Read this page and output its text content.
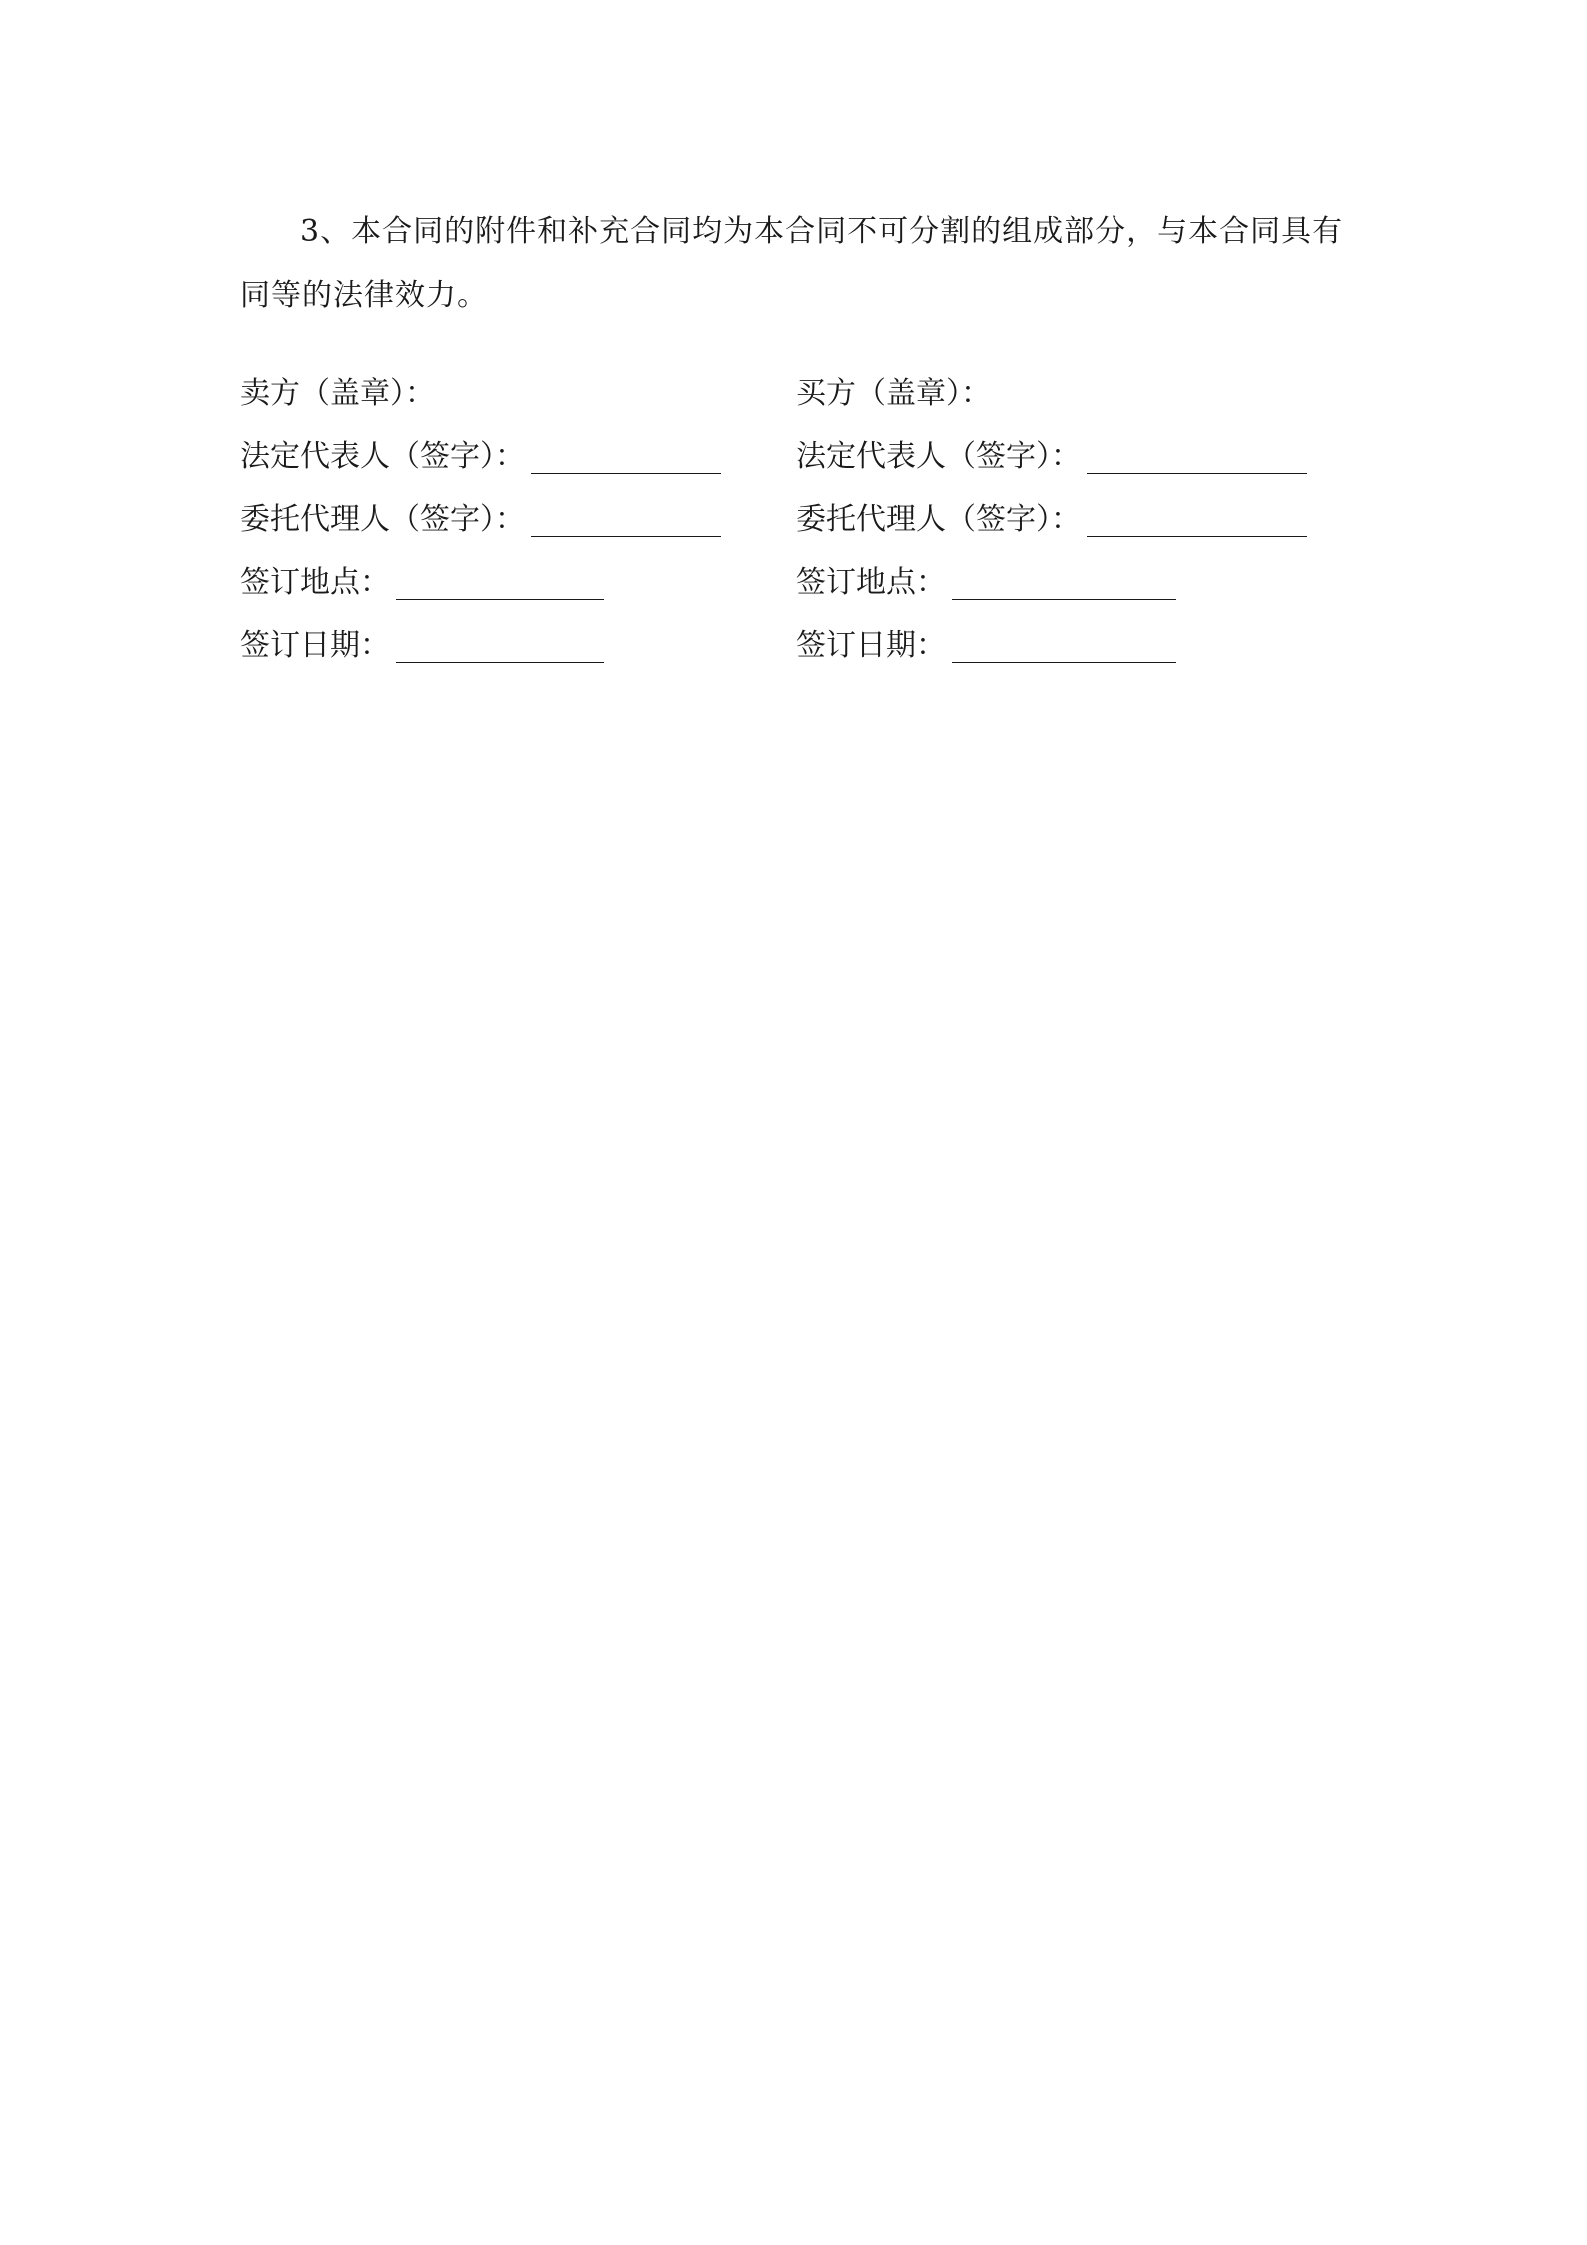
3、本合同的附件和补充合同均为本合同不可分割的组成部分，与本合同具有同等的法律效力。

卖方（盖章）：
法定代表人（签字）：
委托代理人（签字）：
签订地点：
签订日期：
买方（盖章）：
法定代表人（签字）：
委托代理人（签字）：
签订地点：
签订日期：
